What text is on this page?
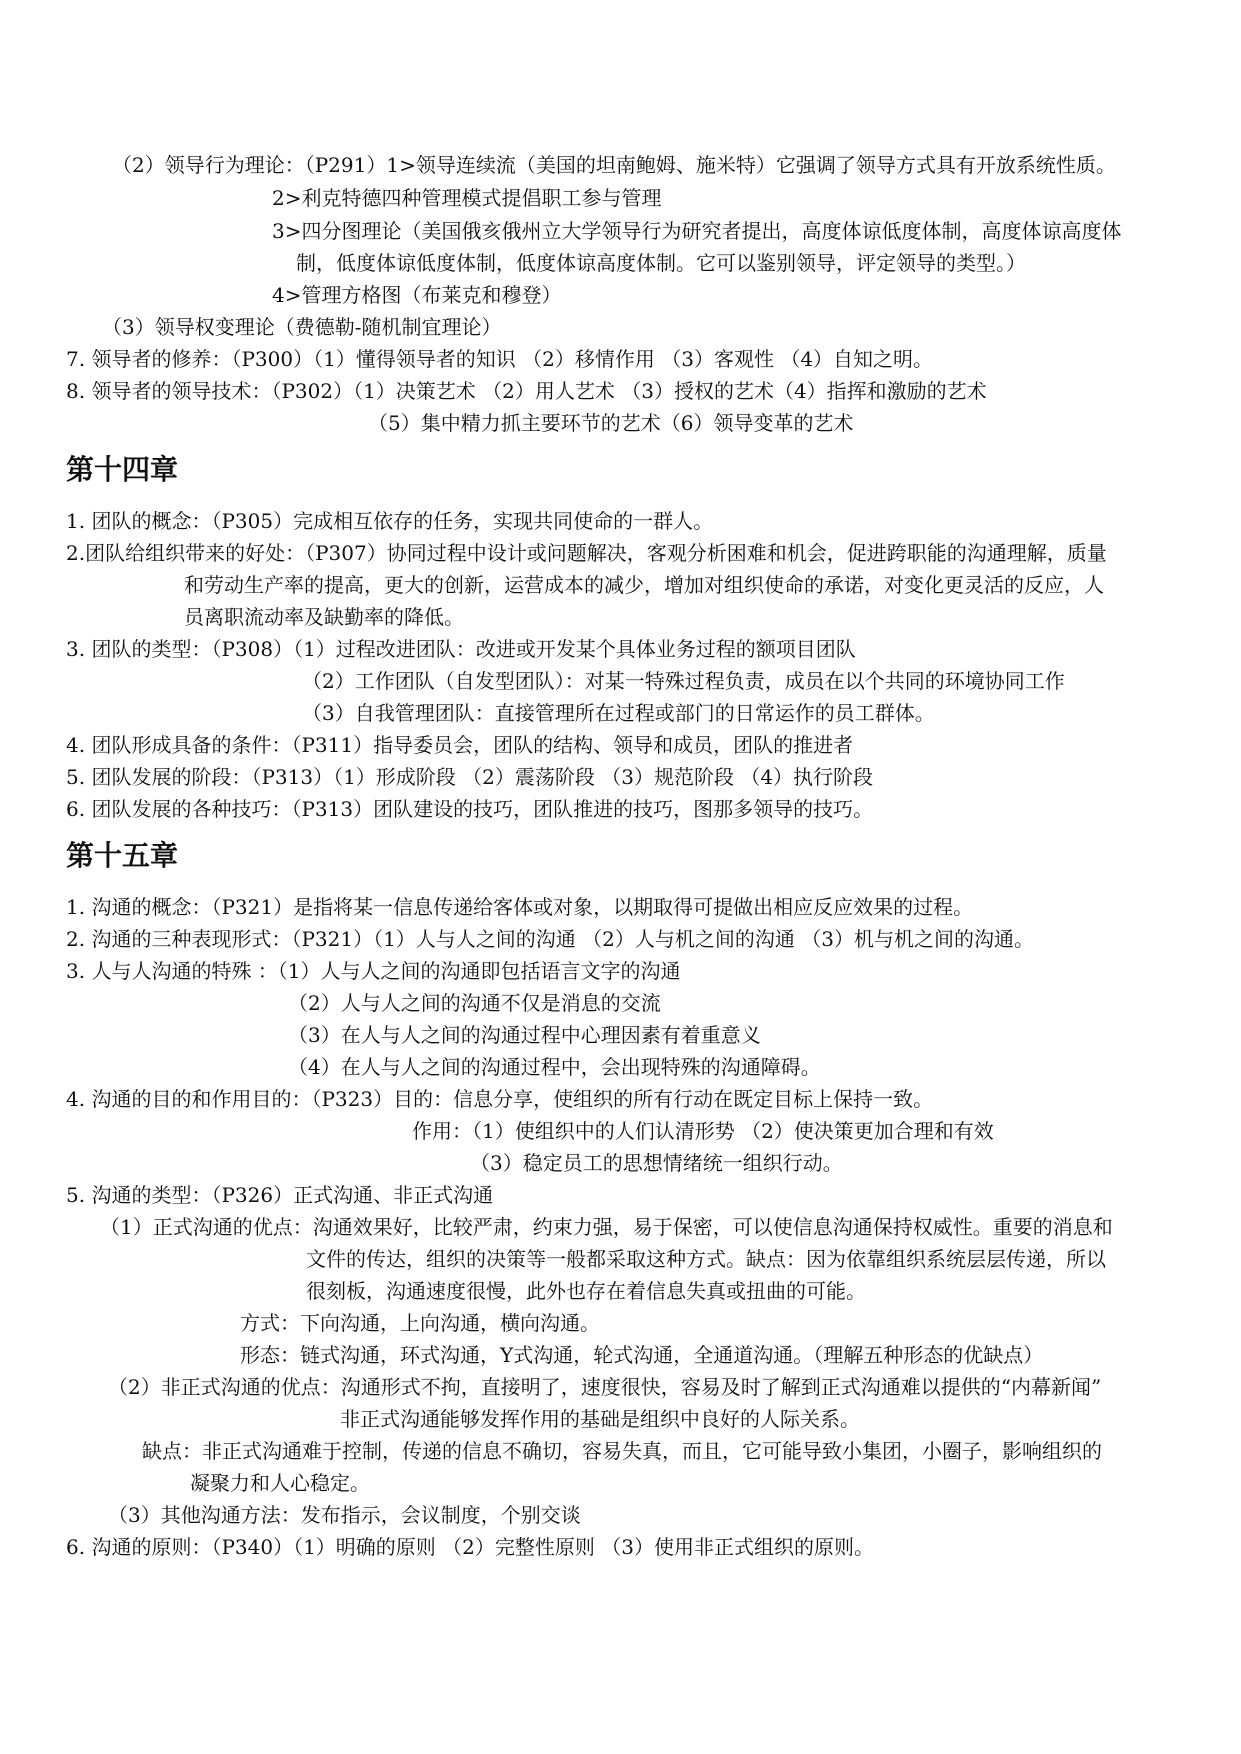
（2）领导行为理论：（P291）1>领导连续流（美国的坦南鲍姆、施米特）它强调了领导方式具有开放系统性质。
2>利克特德四种管理模式提倡职工参与管理
3>四分图理论（美国俄亥俄州立大学领导行为研究者提出，高度体谅低度体制，高度体谅高度体
制，低度体谅低度体制，低度体谅高度体制。它可以鉴别领导，评定领导的类型。）
4>管理方格图（布莱克和穆登）
（3）领导权变理论（费德勒-随机制宜理论）
7. 领导者的修养：（P300）（1）懂得领导者的知识 （2）移情作用 （3）客观性 （4）自知之明。
8. 领导者的领导技术：（P302）（1）决策艺术 （2）用人艺术 （3）授权的艺术（4）指挥和激励的艺术
（5）集中精力抓主要环节的艺术（6）领导变革的艺术
第十四章
1. 团队的概念：（P305）完成相互依存的任务，实现共同使命的一群人。
2.团队给组织带来的好处：（P307）协同过程中设计或问题解决，客观分析困难和机会，促进跨职能的沟通理解，质量
和劳动生产率的提高，更大的创新，运营成本的减少，增加对组织使命的承诺，对变化更灵活的反应，人
员离职流动率及缺勤率的降低。
3. 团队的类型：（P308）（1）过程改进团队：改进或开发某个具体业务过程的额项目团队
（2）工作团队（自发型团队）：对某一特殊过程负责，成员在以个共同的环境协同工作
（3）自我管理团队：直接管理所在过程或部门的日常运作的员工群体。
4. 团队形成具备的条件：（P311）指导委员会，团队的结构、领导和成员，团队的推进者
5. 团队发展的阶段：（P313）（1）形成阶段 （2）震荡阶段 （3）规范阶段 （4）执行阶段
6. 团队发展的各种技巧：（P313）团队建设的技巧，团队推进的技巧，图那多领导的技巧。
第十五章
1. 沟通的概念：（P321）是指将某一信息传递给客体或对象，以期取得可提做出相应反应效果的过程。
2. 沟通的三种表现形式：（P321）（1）人与人之间的沟通 （2）人与机之间的沟通 （3）机与机之间的沟通。
3. 人与人沟通的特殊 ：（1）人与人之间的沟通即包括语言文字的沟通
（2）人与人之间的沟通不仅是消息的交流
（3）在人与人之间的沟通过程中心理因素有着重意义
（4）在人与人之间的沟通过程中，会出现特殊的沟通障碍。
4. 沟通的目的和作用目的：（P323）目的：信息分享，使组织的所有行动在既定目标上保持一致。
作用：（1）使组织中的人们认清形势 （2）使决策更加合理和有效
（3）稳定员工的思想情绪统一组织行动。
5. 沟通的类型：（P326）正式沟通、非正式沟通
（1）正式沟通的优点：沟通效果好，比较严肃，约束力强，易于保密，可以使信息沟通保持权威性。重要的消息和
文件的传达，组织的决策等一般都采取这种方式。缺点：因为依靠组织系统层层传递，所以
很刻板，沟通速度很慢，此外也存在着信息失真或扭曲的可能。
方式：下向沟通，上向沟通，横向沟通。
形态：链式沟通，环式沟通，Y式沟通，轮式沟通，全通道沟通。（理解五种形态的优缺点）
（2）非正式沟通的优点：沟通形式不拘，直接明了，速度很快，容易及时了解到正式沟通难以提供的“内幕新闻”
非正式沟通能够发挥作用的基础是组织中良好的人际关系。
缺点：非正式沟通难于控制，传递的信息不确切，容易失真，而且，它可能导致小集团，小圈子，影响组织的
凝聚力和人心稳定。
（3）其他沟通方法：发布指示，会议制度，个别交谈
6. 沟通的原则：（P340）（1）明确的原则 （2）完整性原则 （3）使用非正式组织的原则。
